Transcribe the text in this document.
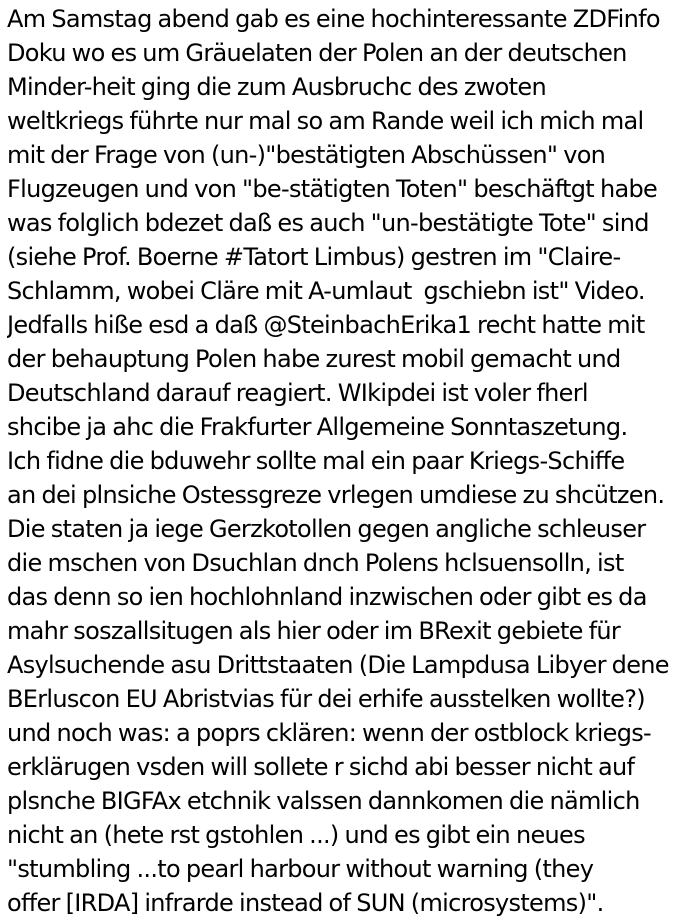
Am Samstag abend gab es eine hochinteressante ZDFinfo
Doku wo es um Gräuelaten der Polen an der deutschen
Minder-heit ging die zum Ausbruchc des zwoten
weltkriegs führte nur mal so am Rande weil ich mich mal
mit der Frage von (un-)"bestätigten Abschüssen" von
Flugzeugen und von "be-stätigten Toten" beschäftgt habe
was folglich bdezet daß es auch "un-bestätigte Tote" sind
(siehe Prof. Boerne #Tatort Limbus) gestren im "Claire-
Schlamm, wobei Cläre mit A-umlaut  gschiebn ist" Video.
Jedfalls hiße esd a daß @SteinbachErika1 recht hatte mit
der behauptung Polen habe zurest mobil gemacht und
Deutschland darauf reagiert. WIkipdei ist voler fherl
shcibe ja ahc die Frakfurter Allgemeine Sonntaszetung.
Ich fidne die bduwehr sollte mal ein paar Kriegs-Schiffe
an dei plnsiche Ostessgreze vrlegen umdiese zu shcützen.
Die staten ja iege Gerzkotollen gegen angliche schleuser
die mschen von Dsuchlan dnch Polens hclsuensolln, ist
das denn so ien hochlohnland inzwischen oder gibt es da
mahr soszallsitugen als hier oder im BRexit gebiete für
Asylsuchende asu Drittstaaten (Die Lampdusa Libyer dene
BErluscon EU Abristvias für dei erhife ausstelken wollte?)
und noch was: a poprs cklären: wenn der ostblock kriegs-
erklärugen vsden will sollete r sichd abi besser nicht auf
plsnche BIGFAx etchnik valssen dannkomen die nämlich
nicht an (hete rst gstohlen ...) und es gibt ein neues
"stumbling ...to pearl harbour without warning (they
offer [IRDA] infrarde instead of SUN (microsystems)".
